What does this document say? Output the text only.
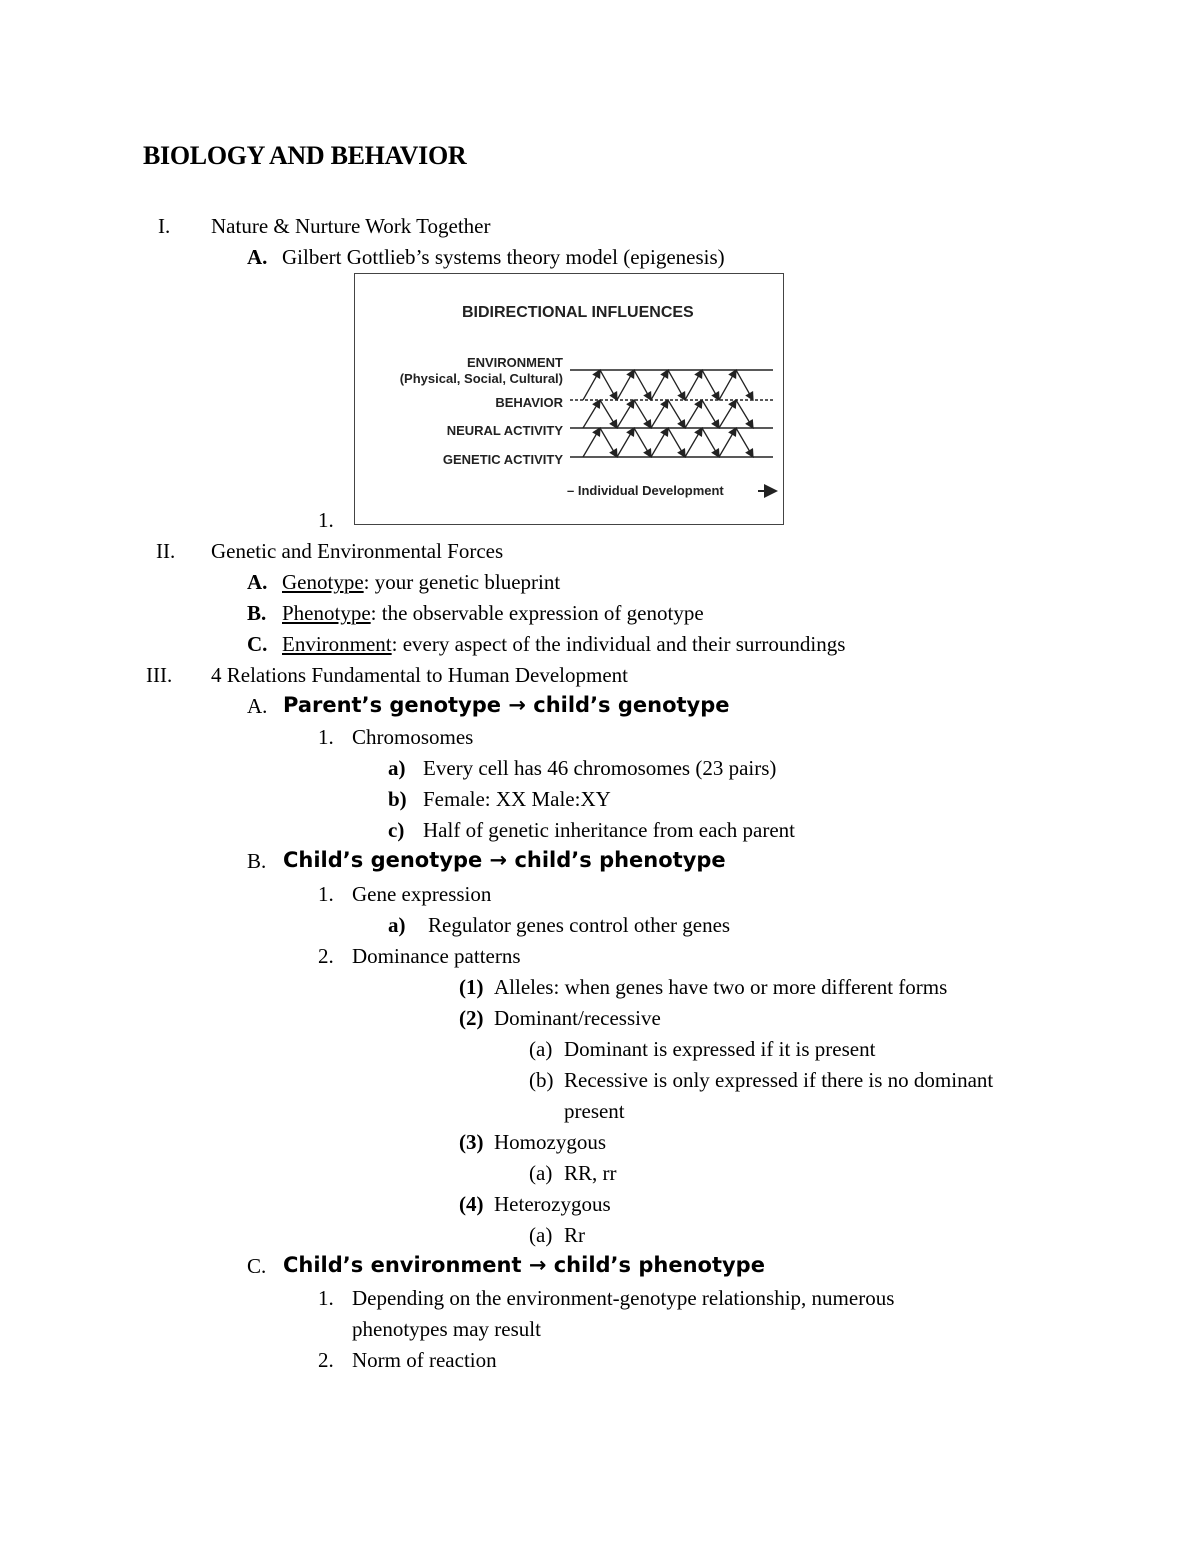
BIOLOGY AND BEHAVIOR
I. Nature & Nurture Work Together
A. Gilbert Gottlieb’s systems theory model (epigenesis)
BIDIRECTIONAL INFLUENCES
ENVIRONMENT
(Physical, Social, Cultural)
BEHAVIOR
NEURAL ACTIVITY
GENETIC ACTIVITY
– Individual Development
1.
II. Genetic and Environmental Forces
A. Genotype: your genetic blueprint
B. Phenotype: the observable expression of genotype
C. Environment: every aspect of the individual and their surroundings
III. 4 Relations Fundamental to Human Development
A. Parent’s genotype → child’s genotype
1. Chromosomes
a) Every cell has 46 chromosomes (23 pairs)
b) Female: XX Male:XY
c) Half of genetic inheritance from each parent
B. Child’s genotype → child’s phenotype
1. Gene expression
a) Regulator genes control other genes
2. Dominance patterns
(1) Alleles: when genes have two or more different forms
(2) Dominant/recessive
(a) Dominant is expressed if it is present
(b) Recessive is only expressed if there is no dominant
present
(3) Homozygous
(a) RR, rr
(4) Heterozygous
(a) Rr
C. Child’s environment → child’s phenotype
1. Depending on the environment-genotype relationship, numerous
phenotypes may result
2. Norm of reaction
